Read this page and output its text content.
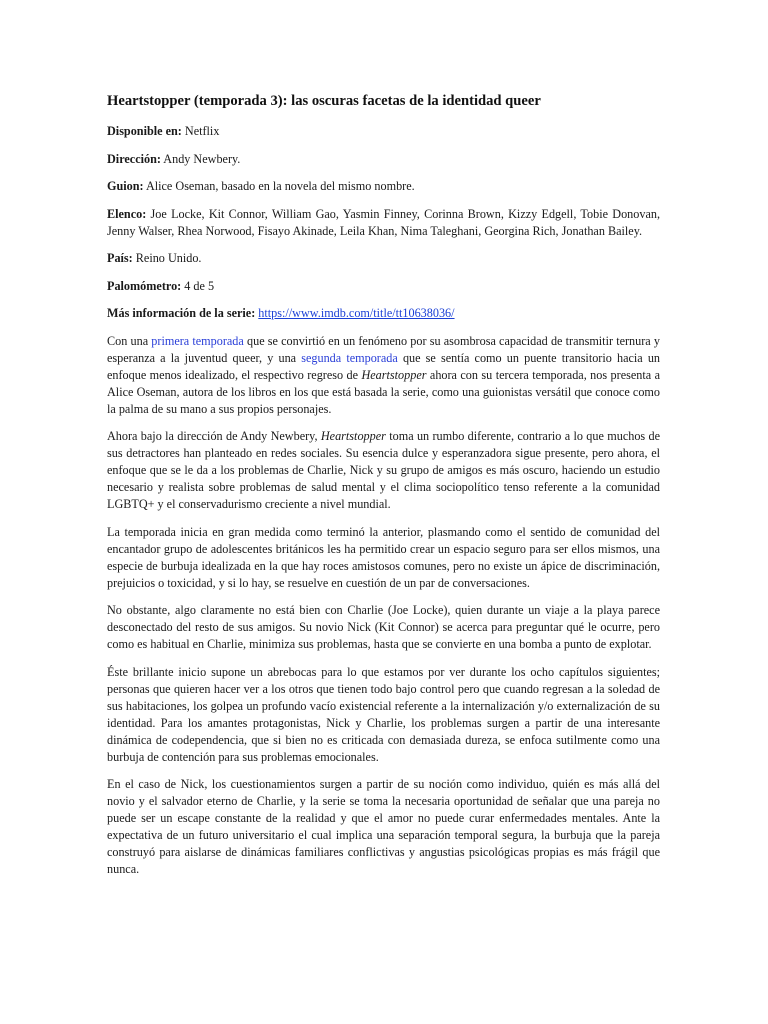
Heartstopper (temporada 3): las oscuras facetas de la identidad queer

Disponible en: Netflix

Dirección: Andy Newbery.

Guion: Alice Oseman, basado en la novela del mismo nombre.

Elenco: Joe Locke, Kit Connor, William Gao, Yasmin Finney, Corinna Brown, Kizzy Edgell, Tobie Donovan, Jenny Walser, Rhea Norwood, Fisayo Akinade, Leila Khan, Nima Taleghani, Georgina Rich, Jonathan Bailey.

País: Reino Unido.

Palomómetro: 4 de 5

Más información de la serie: https://www.imdb.com/title/tt10638036/

Con una primera temporada que se convirtió en un fenómeno por su asombrosa capacidad de transmitir ternura y esperanza a la juventud queer, y una segunda temporada que se sentía como un puente transitorio hacia un enfoque menos idealizado, el respectivo regreso de Heartstopper ahora con su tercera temporada, nos presenta a Alice Oseman, autora de los libros en los que está basada la serie, como una guionistas versátil que conoce como la palma de su mano a sus propios personajes.

Ahora bajo la dirección de Andy Newbery, Heartstopper toma un rumbo diferente, contrario a lo que muchos de sus detractores han planteado en redes sociales. Su esencia dulce y esperanzadora sigue presente, pero ahora, el enfoque que se le da a los problemas de Charlie, Nick y su grupo de amigos es más oscuro, haciendo un estudio necesario y realista sobre problemas de salud mental y el clima sociopolítico tenso referente a la comunidad LGBTQ+ y el conservadurismo creciente a nivel mundial.

La temporada inicia en gran medida como terminó la anterior, plasmando como el sentido de comunidad del encantador grupo de adolescentes británicos les ha permitido crear un espacio seguro para ser ellos mismos, una especie de burbuja idealizada en la que hay roces amistosos comunes, pero no existe un ápice de discriminación, prejuicios o toxicidad, y si lo hay, se resuelve en cuestión de un par de conversaciones.

No obstante, algo claramente no está bien con Charlie (Joe Locke), quien durante un viaje a la playa parece desconectado del resto de sus amigos. Su novio Nick (Kit Connor) se acerca para preguntar qué le ocurre, pero como es habitual en Charlie, minimiza sus problemas, hasta que se convierte en una bomba a punto de explotar.

Éste brillante inicio supone un abrebocas para lo que estamos por ver durante los ocho capítulos siguientes; personas que quieren hacer ver a los otros que tienen todo bajo control pero que cuando regresan a la soledad de sus habitaciones, los golpea un profundo vacío existencial referente a la internalización y/o externalización de su identidad. Para los amantes protagonistas, Nick y Charlie, los problemas surgen a partir de una interesante dinámica de codependencia, que si bien no es criticada con demasiada dureza, se enfoca sutilmente como una burbuja de contención para sus problemas emocionales.

En el caso de Nick, los cuestionamientos surgen a partir de su noción como individuo, quién es más allá del novio y el salvador eterno de Charlie, y la serie se toma la necesaria oportunidad de señalar que una pareja no puede ser un escape constante de la realidad y que el amor no puede curar enfermedades mentales. Ante la expectativa de un futuro universitario el cual implica una separación temporal segura, la burbuja que la pareja construyó para aislarse de dinámicas familiares conflictivas y angustias psicológicas propias es más frágil que nunca.
